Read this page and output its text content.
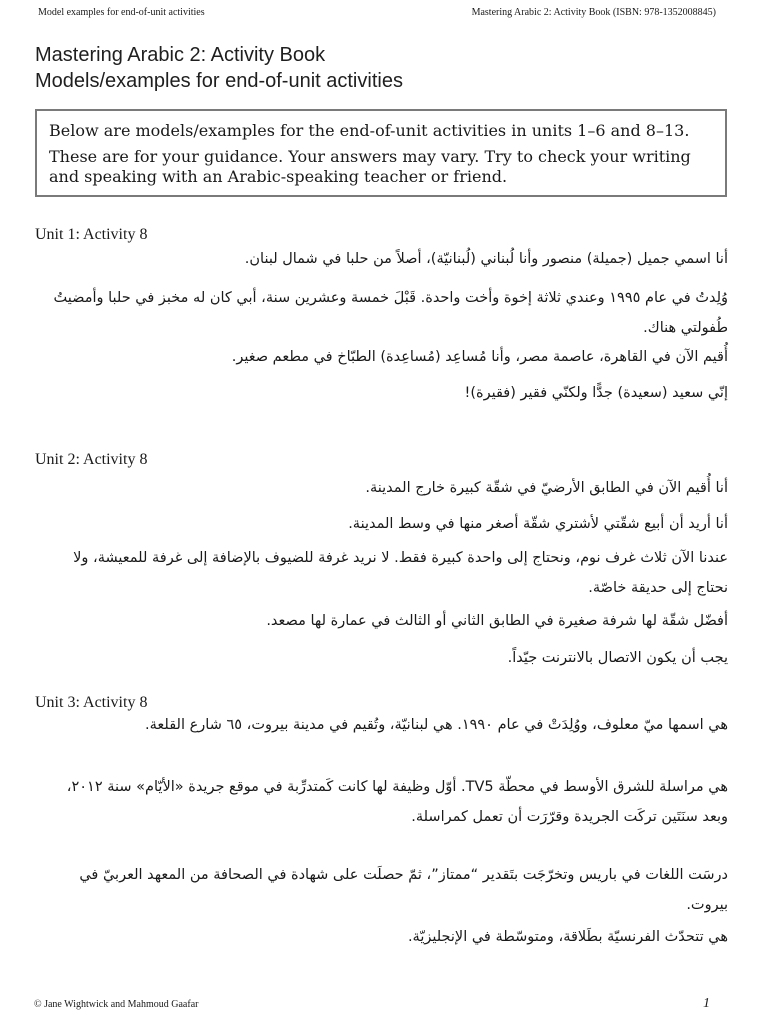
Model examples for end-of-unit activities	Mastering Arabic 2: Activity Book (ISBN: 978-1352008845)
Mastering Arabic 2: Activity Book
Models/examples for end-of-unit activities

Below are models/examples for the end-of-unit activities in units 1–6 and 8–13.

These are for your guidance. Your answers may vary. Try to check your writing and speaking with an Arabic-speaking teacher or friend.

Unit 1: Activity 8
أنا اسمي جميل (جميلة) منصور وأنا لُبناني (لُبنانيّة)، أصلاً من حلبا في شمال لبنان.
وُلِدتُ في عام ١٩٩٥ وعندي ثلاثة إخوة وأخت واحدة. قَبْلَ خمسة وعشرين سنة، أبي كان له مخبز في حلبا وأمضيتُ طُفولتي هناك.
أُقيم الآن في القاهرة، عاصمة مصر، وأنا مُساعِد (مُساعِدة) الطبّاخ في مطعم صغير.
إنّي سعيد (سعيدة) جدًّا ولكنّي فقير (فقيرة)!
Unit 2: Activity 8
أنا أُقيم الآن في الطابق الأرضيّ في شقّة كبيرة خارج المدينة.
أنا أريد أن أبيع شقّتي لأشتري شقّة أصغر منها في وسط المدينة.
عندنا الآن ثلاث غرف نوم، ونحتاج إلى واحدة كبيرة فقط. لا نريد غرفة للضيوف بالإضافة إلى غرفة للمعيشة، ولا نحتاج إلى حديقة خاصّة.
أفضّل شقّة لها شرفة صغيرة في الطابق الثاني أو الثالث في عمارة لها مصعد.
يجب أن يكون الاتصال بالانترنت جيّداً.
Unit 3: Activity 8
هي اسمها ميّ معلوف، ووُلِدَتْ في عام ١٩٩٠. هي لبنانيّة، وتُقيم في مدينة بيروت، ٦٥ شارع القلعة.
هي مراسلة للشرق الأوسط في محطّة TV5. أوّل وظيفة لها كانت كَمتدرِّبة في موقع جريدة «الأيّام» سنة ٢٠١٢، وبعد سنَتَين تركَت الجريدة وقرّرَت أن تعمل كمراسلة.
درسَت اللغات في باريس وتخرّجَت بتَقدير “ممتاز”، ثمّ حصلَت على شهادة في الصحافة من المعهد العربيّ في بيروت.
هي تتحدّث الفرنسيّة بطَلاقة، ومتوسّطة في الإنجليزيّة.
© Jane Wightwick and Mahmoud Gaafar	1
